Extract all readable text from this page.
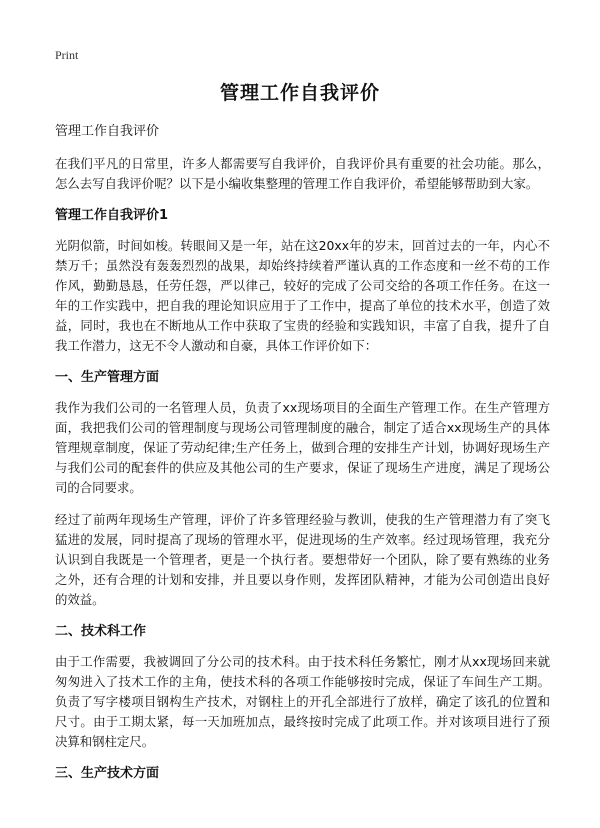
Print
管理工作自我评价
管理工作自我评价

在我们平凡的日常里，许多人都需要写自我评价，自我评价具有重要的社会功能。那么，怎么去写自我评价呢？以下是小编收集整理的管理工作自我评价，希望能够帮助到大家。

管理工作自我评价1

光阴似箭，时间如梭。转眼间又是一年，站在这20xx年的岁末，回首过去的一年，内心不禁万千；虽然没有轰轰烈烈的战果，却始终持续着严谨认真的工作态度和一丝不苟的工作作风，勤勤恳恳，任劳任怨，严以律己，较好的完成了公司交给的各项工作任务。在这一年的工作实践中，把自我的理论知识应用于了工作中，提高了单位的技术水平，创造了效益，同时，我也在不断地从工作中获取了宝贵的经验和实践知识，丰富了自我，提升了自我工作潜力，这无不令人激动和自豪，具体工作评价如下：

一、生产管理方面

我作为我们公司的一名管理人员，负责了xx现场项目的全面生产管理工作。在生产管理方面，我把我们公司的管理制度与现场公司管理制度的融合，制定了适合xx现场生产的具体管理规章制度，保证了劳动纪律;生产任务上，做到合理的安排生产计划，协调好现场生产与我们公司的配套件的供应及其他公司的生产要求，保证了现场生产进度，满足了现场公司的合同要求。

经过了前两年现场生产管理，评价了许多管理经验与教训，使我的生产管理潜力有了突飞猛进的发展，同时提高了现场的管理水平，促进现场的生产效率。经过现场管理，我充分认识到自我既是一个管理者，更是一个执行者。要想带好一个团队，除了要有熟练的业务之外，还有合理的计划和安排，并且要以身作则，发挥团队精神，才能为公司创造出良好的效益。

二、技术科工作

由于工作需要，我被调回了分公司的技术科。由于技术科任务繁忙，刚才从xx现场回来就匆匆进入了技术工作的主角，使技术科的各项工作能够按时完成，保证了车间生产工期。负责了写字楼项目钢构生产技术，对钢柱上的开孔全部进行了放样，确定了该孔的位置和尺寸。由于工期太紧，每一天加班加点，最终按时完成了此项工作。并对该项目进行了预决算和钢柱定尺。

三、生产技术方面
